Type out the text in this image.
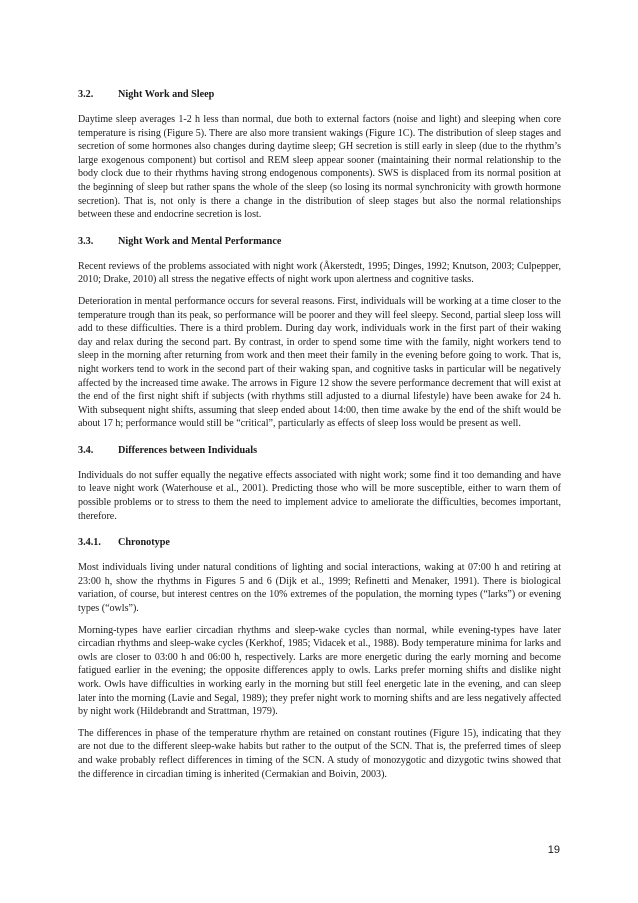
3.2.	Night Work and Sleep

Daytime sleep averages 1-2 h less than normal, due both to external factors (noise and light) and sleeping when core temperature is rising (Figure 5). There are also more transient wakings (Figure 1C). The distribution of sleep stages and secretion of some hormones also changes during daytime sleep; GH secretion is still early in sleep (due to the rhythm’s large exogenous component) but cortisol and REM sleep appear sooner (maintaining their normal relationship to the body clock due to their rhythms having strong endogenous components). SWS is displaced from its normal position at the beginning of sleep but rather spans the whole of the sleep (so losing its normal synchronicity with growth hormone secretion). That is, not only is there a change in the distribution of sleep stages but also the normal relationships between these and endocrine secretion is lost.

3.3.	Night Work and Mental Performance

Recent reviews of the problems associated with night work (Åkerstedt, 1995; Dinges, 1992; Knutson, 2003; Culpepper, 2010; Drake, 2010) all stress the negative effects of night work upon alertness and cognitive tasks.

Deterioration in mental performance occurs for several reasons. First, individuals will be working at a time closer to the temperature trough than its peak, so performance will be poorer and they will feel sleepy. Second, partial sleep loss will add to these difficulties. There is a third problem. During day work, individuals work in the first part of their waking day and relax during the second part. By contrast, in order to spend some time with the family, night workers tend to sleep in the morning after returning from work and then meet their family in the evening before going to work. That is, night workers tend to work in the second part of their waking span, and cognitive tasks in particular will be negatively affected by the increased time awake. The arrows in Figure 12 show the severe performance decrement that will exist at the end of the first night shift if subjects (with rhythms still adjusted to a diurnal lifestyle) have been awake for 24 h. With subsequent night shifts, assuming that sleep ended about 14:00, then time awake by the end of the shift would be about 17 h; performance would still be “critical”, particularly as effects of sleep loss would be present as well.

3.4.	Differences between Individuals

Individuals do not suffer equally the negative effects associated with night work; some find it too demanding and have to leave night work (Waterhouse et al., 2001). Predicting those who will be more susceptible, either to warn them of possible problems or to stress to them the need to implement advice to ameliorate the difficulties, becomes important, therefore.

3.4.1.	Chronotype

Most individuals living under natural conditions of lighting and social interactions, waking at 07:00 h and retiring at 23:00 h, show the rhythms in Figures 5 and 6 (Dijk et al., 1999; Refinetti and Menaker, 1991). There is biological variation, of course, but interest centres on the 10% extremes of the population, the morning types (“larks”) or evening types (“owls”).

Morning-types have earlier circadian rhythms and sleep-wake cycles than normal, while evening-types have later circadian rhythms and sleep-wake cycles (Kerkhof, 1985; Vidacek et al., 1988). Body temperature minima for larks and owls are closer to 03:00 h and 06:00 h, respectively. Larks are more energetic during the early morning and become fatigued earlier in the evening; the opposite differences apply to owls. Larks prefer morning shifts and dislike night work. Owls have difficulties in working early in the morning but still feel energetic late in the evening, and can sleep later into the morning (Lavie and Segal, 1989); they prefer night work to morning shifts and are less negatively affected by night work (Hildebrandt and Strattman, 1979).

The differences in phase of the temperature rhythm are retained on constant routines (Figure 15), indicating that they are not due to the different sleep-wake habits but rather to the output of the SCN. That is, the preferred times of sleep and wake probably reflect differences in timing of the SCN. A study of monozygotic and dizygotic twins showed that the difference in circadian timing is inherited (Cermakian and Boivin, 2003).

19
